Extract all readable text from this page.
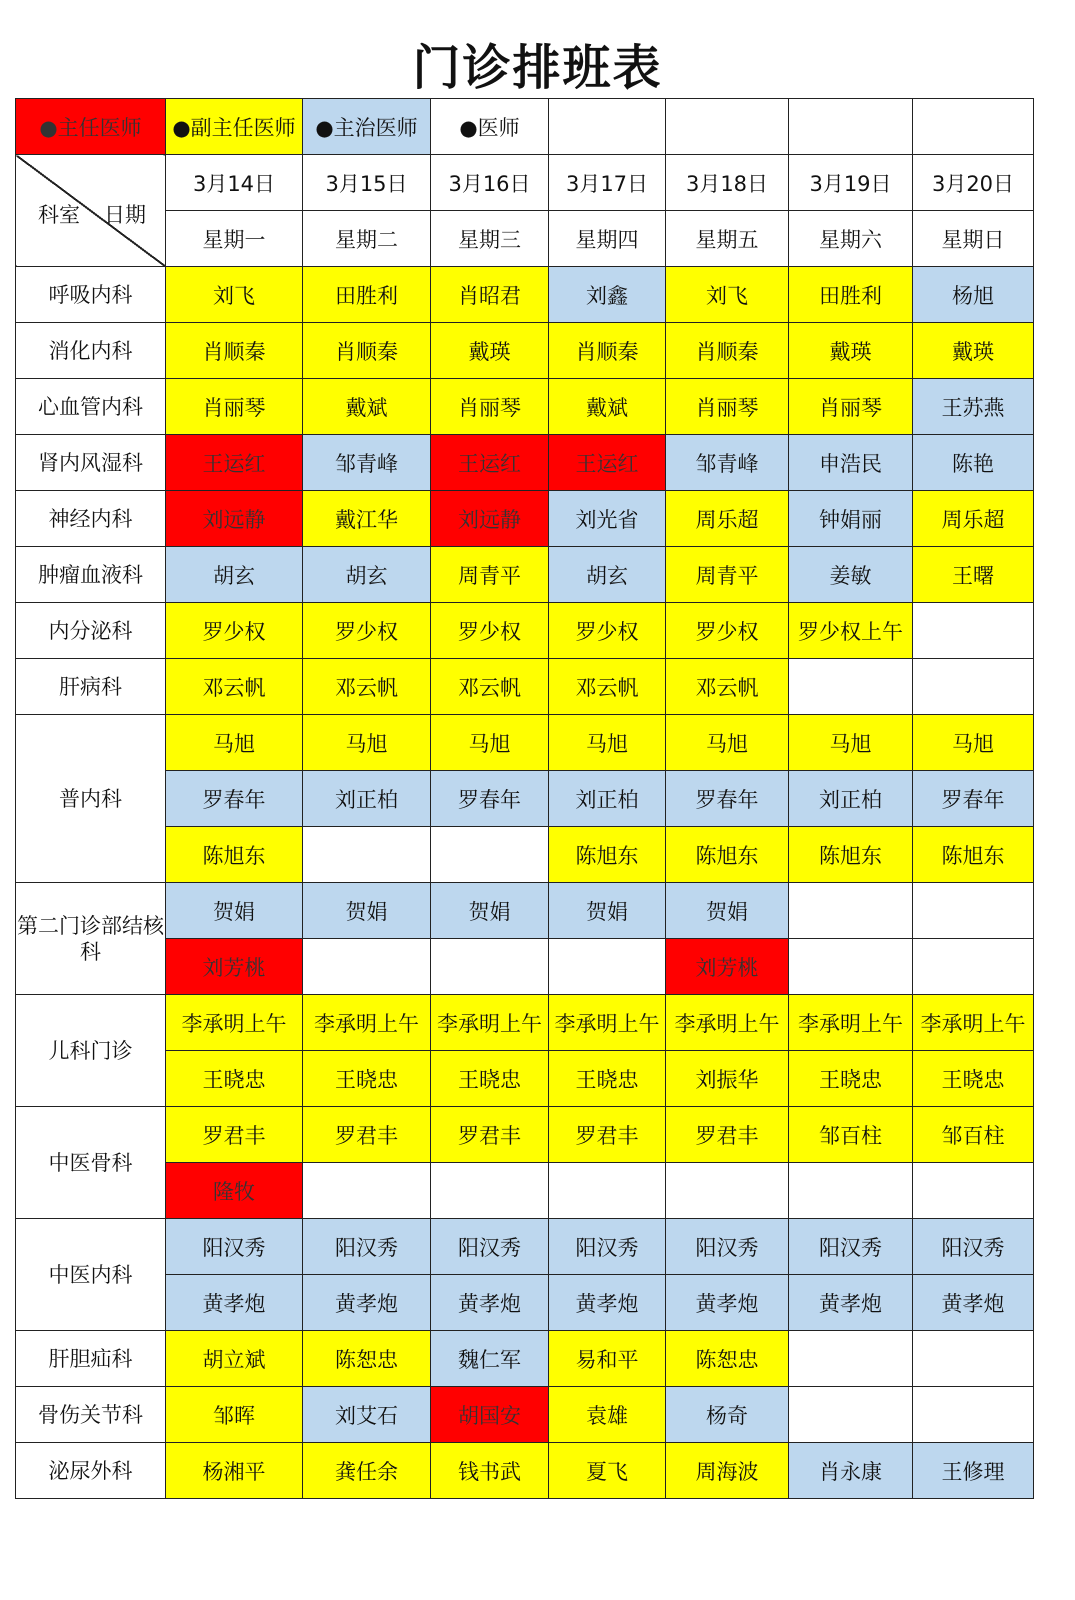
门诊排班表
●主任医师	●副主任医师	●主治医师	●医师				

科室 日期	3月14日	3月15日	3月16日	3月17日	3月18日	3月19日	3月20日
	星期一	星期二	星期三	星期四	星期五	星期六	星期日
呼吸内科	刘飞	田胜利	肖昭君	刘鑫	刘飞	田胜利	杨旭
消化内科	肖顺秦	肖顺秦	戴瑛	肖顺秦	肖顺秦	戴瑛	戴瑛
心血管内科	肖丽琴	戴斌	肖丽琴	戴斌	肖丽琴	肖丽琴	王苏燕
肾内风湿科	王运红	邹青峰	王运红	王运红	邹青峰	申浩民	陈艳
神经内科	刘远静	戴江华	刘远静	刘光省	周乐超	钟娟丽	周乐超
肿瘤血液科	胡玄	胡玄	周青平	胡玄	周青平	姜敏	王曙
内分泌科	罗少权	罗少权	罗少权	罗少权	罗少权	罗少权上午	
肝病科	邓云帆	邓云帆	邓云帆	邓云帆	邓云帆		
普内科	马旭	马旭	马旭	马旭	马旭	马旭	马旭
	罗春年	刘正柏	罗春年	刘正柏	罗春年	刘正柏	罗春年
	陈旭东			陈旭东	陈旭东	陈旭东	陈旭东
第二门诊部结核科	贺娟	贺娟	贺娟	贺娟	贺娟		
	刘芳桃				刘芳桃		
儿科门诊	李承明上午	李承明上午	李承明上午	李承明上午	李承明上午	李承明上午	李承明上午
	王晓忠	王晓忠	王晓忠	王晓忠	刘振华	王晓忠	王晓忠
中医骨科	罗君丰	罗君丰	罗君丰	罗君丰	罗君丰	邹百柱	邹百柱
	隆牧						
中医内科	阳汉秀	阳汉秀	阳汉秀	阳汉秀	阳汉秀	阳汉秀	阳汉秀
	黄孝炮	黄孝炮	黄孝炮	黄孝炮	黄孝炮	黄孝炮	黄孝炮
肝胆疝科	胡立斌	陈恕忠	魏仁军	易和平	陈恕忠		
骨伤关节科	邹晖	刘艾石	胡国安	袁雄	杨奇		
泌尿外科	杨湘平	龚任余	钱书武	夏飞	周海波	肖永康	王修理
